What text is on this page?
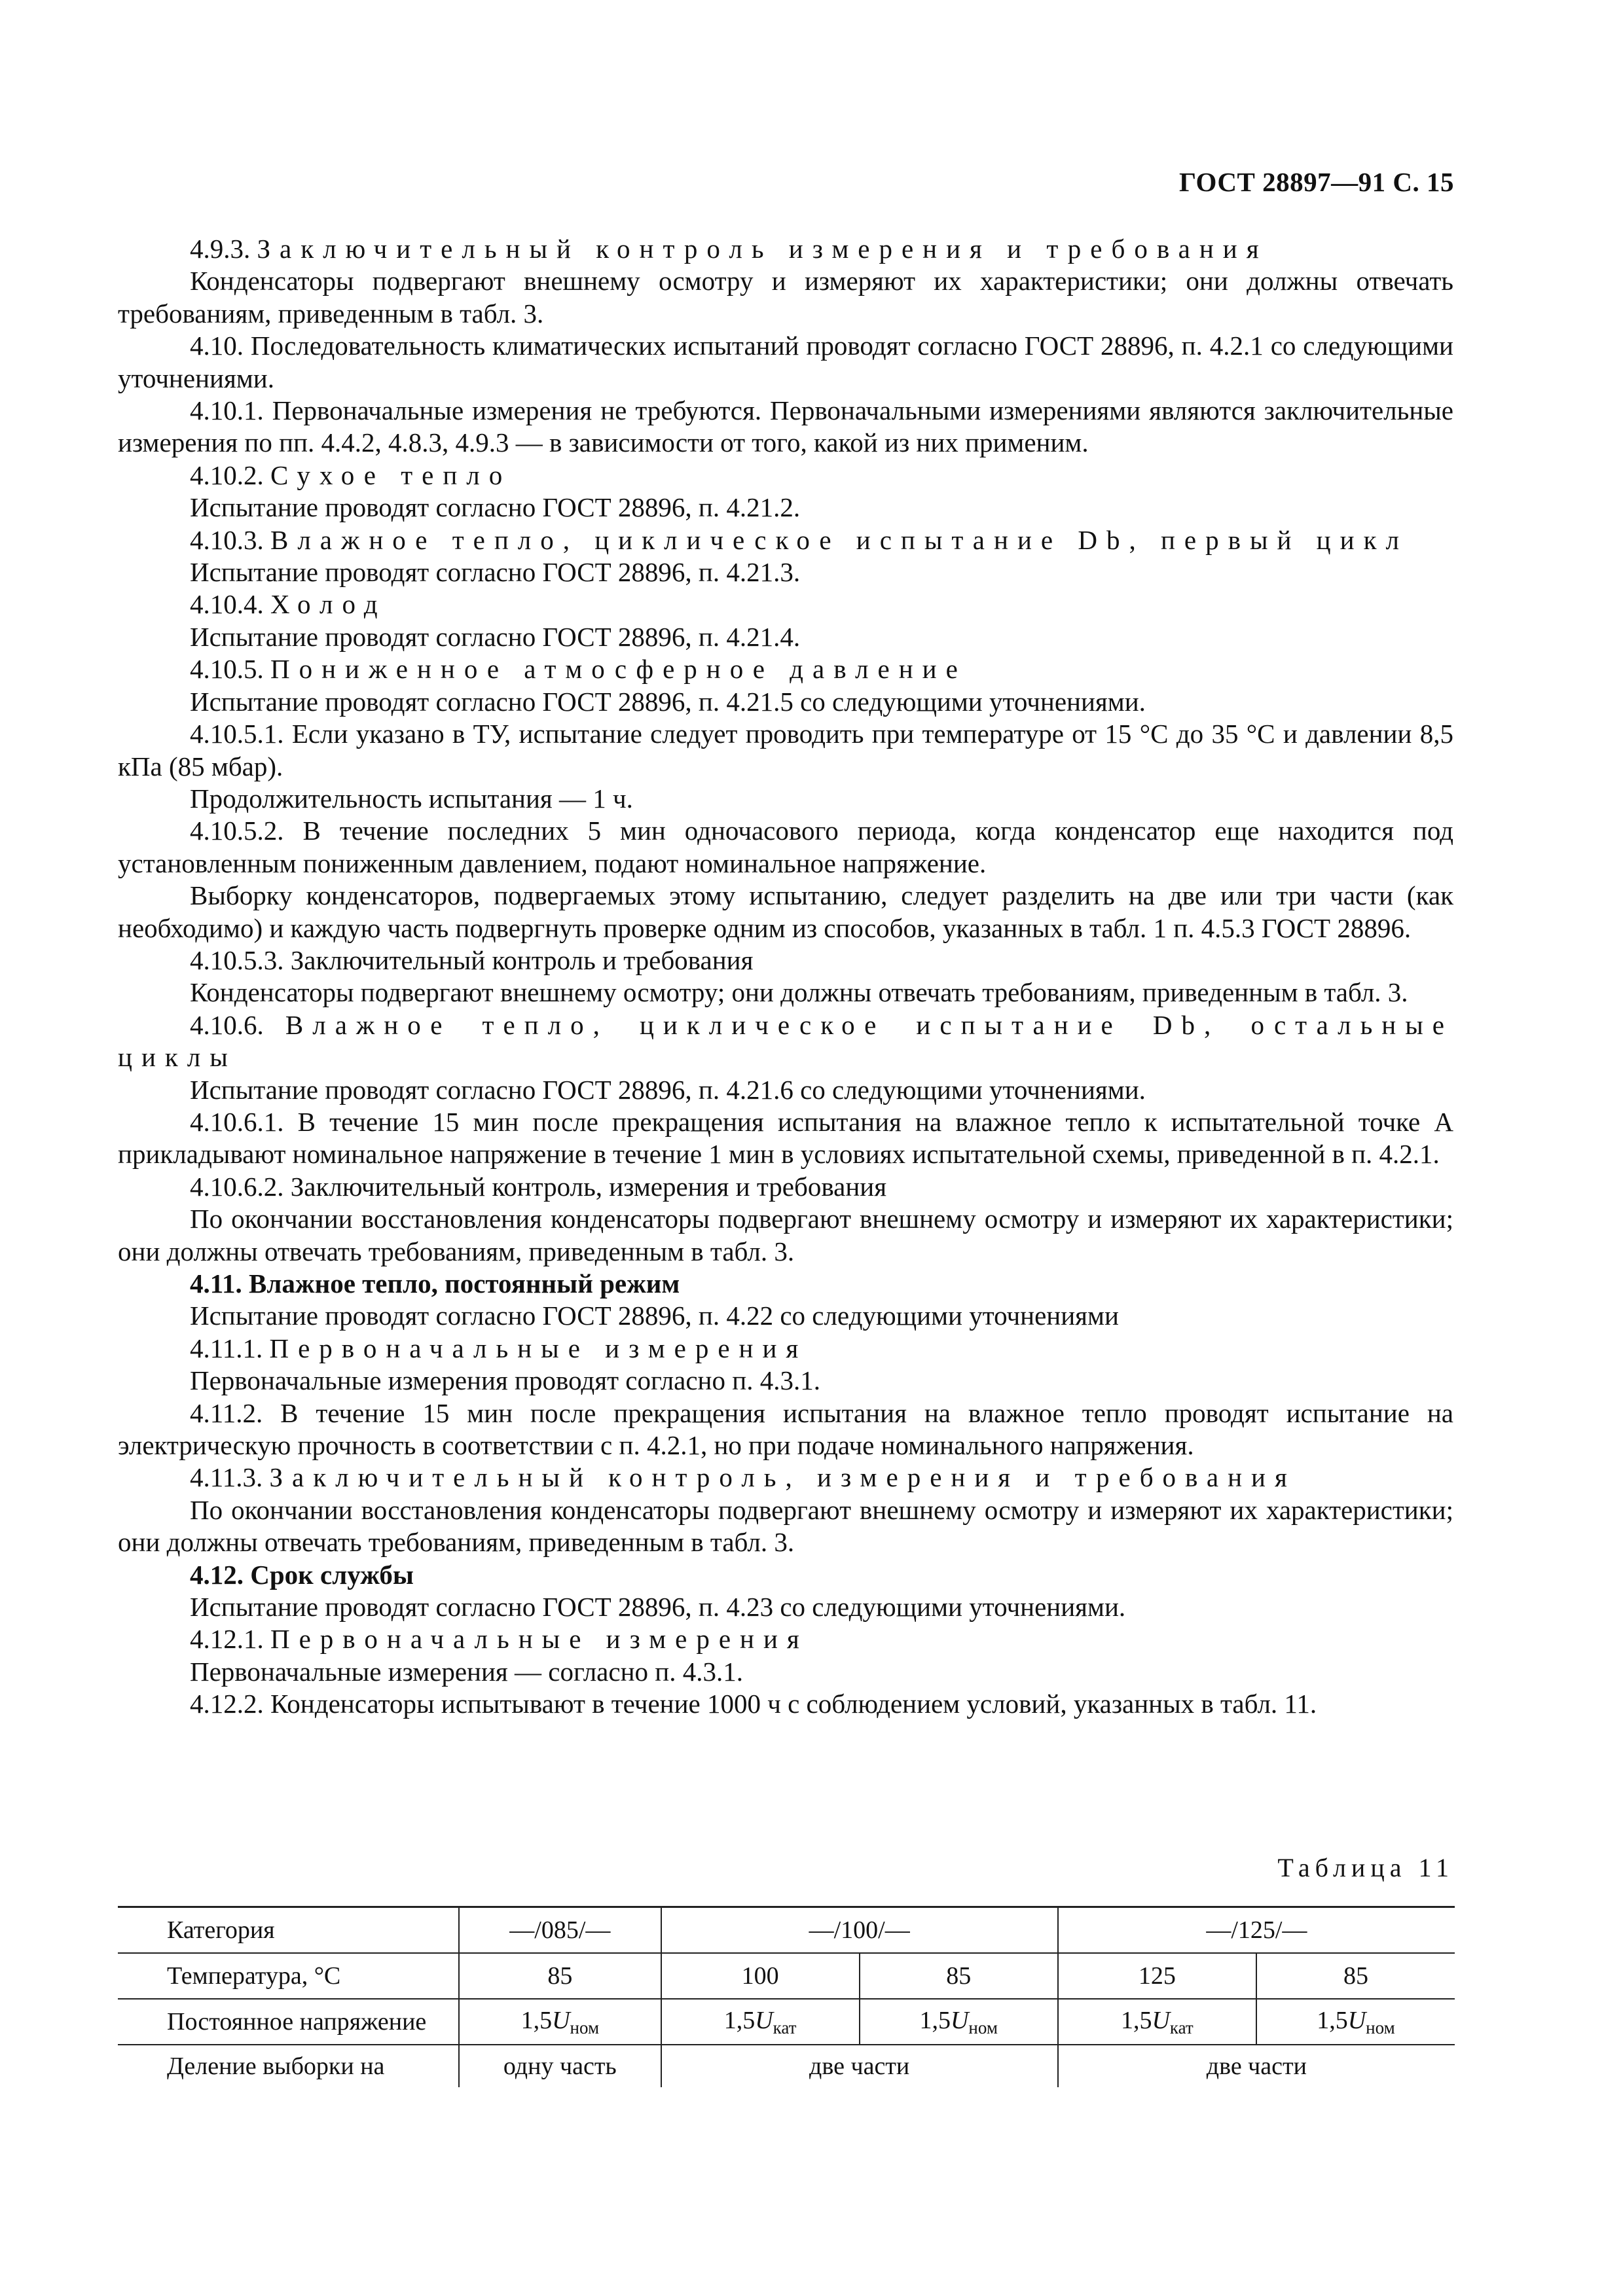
ГОСТ 28897—91 С. 15

4.9.3. Заключительный контроль измерения и требования

Конденсаторы подвергают внешнему осмотру и измеряют их характеристики; они должны отвечать требованиям, приведенным в табл. 3.

4.10. Последовательность климатических испытаний проводят согласно ГОСТ 28896, п. 4.2.1 со следующими уточнениями.

4.10.1. Первоначальные измерения не требуются. Первоначальными измерениями являются заключительные измерения по пп. 4.4.2, 4.8.3, 4.9.3 — в зависимости от того, какой из них применим.

4.10.2. Сухое тепло

Испытание проводят согласно ГОСТ 28896, п. 4.21.2.

4.10.3. Влажное тепло, циклическое испытание Db, первый цикл

Испытание проводят согласно ГОСТ 28896, п. 4.21.3.

4.10.4. Холод

Испытание проводят согласно ГОСТ 28896, п. 4.21.4.

4.10.5. Пониженное атмосферное давление

Испытание проводят согласно ГОСТ 28896, п. 4.21.5 со следующими уточнениями.

4.10.5.1. Если указано в ТУ, испытание следует проводить при температуре от 15 °С до 35 °С и давлении 8,5 кПа (85 мбар).

Продолжительность испытания — 1 ч.

4.10.5.2. В течение последних 5 мин одночасового периода, когда конденсатор еще находится под установленным пониженным давлением, подают номинальное напряжение.

Выборку конденсаторов, подвергаемых этому испытанию, следует разделить на две или три части (как необходимо) и каждую часть подвергнуть проверке одним из способов, указанных в табл. 1 п. 4.5.3 ГОСТ 28896.

4.10.5.3. Заключительный контроль и требования

Конденсаторы подвергают внешнему осмотру; они должны отвечать требованиям, приведенным в табл. 3.

4.10.6. Влажное тепло, циклическое испытание Db, остальные циклы

Испытание проводят согласно ГОСТ 28896, п. 4.21.6 со следующими уточнениями.

4.10.6.1. В течение 15 мин после прекращения испытания на влажное тепло к испытательной точке А прикладывают номинальное напряжение в течение 1 мин в условиях испытательной схемы, приведенной в п. 4.2.1.

4.10.6.2. Заключительный контроль, измерения и требования

По окончании восстановления конденсаторы подвергают внешнему осмотру и измеряют их характеристики; они должны отвечать требованиям, приведенным в табл. 3.

4.11. Влажное тепло, постоянный режим

Испытание проводят согласно ГОСТ 28896, п. 4.22 со следующими уточнениями

4.11.1. Первоначальные измерения

Первоначальные измерения проводят согласно п. 4.3.1.

4.11.2. В течение 15 мин после прекращения испытания на влажное тепло проводят испытание на электрическую прочность в соответствии с п. 4.2.1, но при подаче номинального напряжения.

4.11.3. Заключительный контроль, измерения и требования

По окончании восстановления конденсаторы подвергают внешнему осмотру и измеряют их характеристики; они должны отвечать требованиям, приведенным в табл. 3.

4.12. Срок службы

Испытание проводят согласно ГОСТ 28896, п. 4.23 со следующими уточнениями.

4.12.1. Первоначальные измерения

Первоначальные измерения — согласно п. 4.3.1.

4.12.2. Конденсаторы испытывают в течение 1000 ч с соблюдением условий, указанных в табл. 11.

Таблица 11
Категория	—/085/—	—/100/—		—/125/—	
Температура, °С	85	100	85	125	85
Постоянное напряжение	$1,5U_{ном}$	$1,5U_{кат}$	$1,5U_{ном}$	$1,5U_{кат}$	$1,5U_{ном}$
Деление выборки на	одну часть	две части		две части	
